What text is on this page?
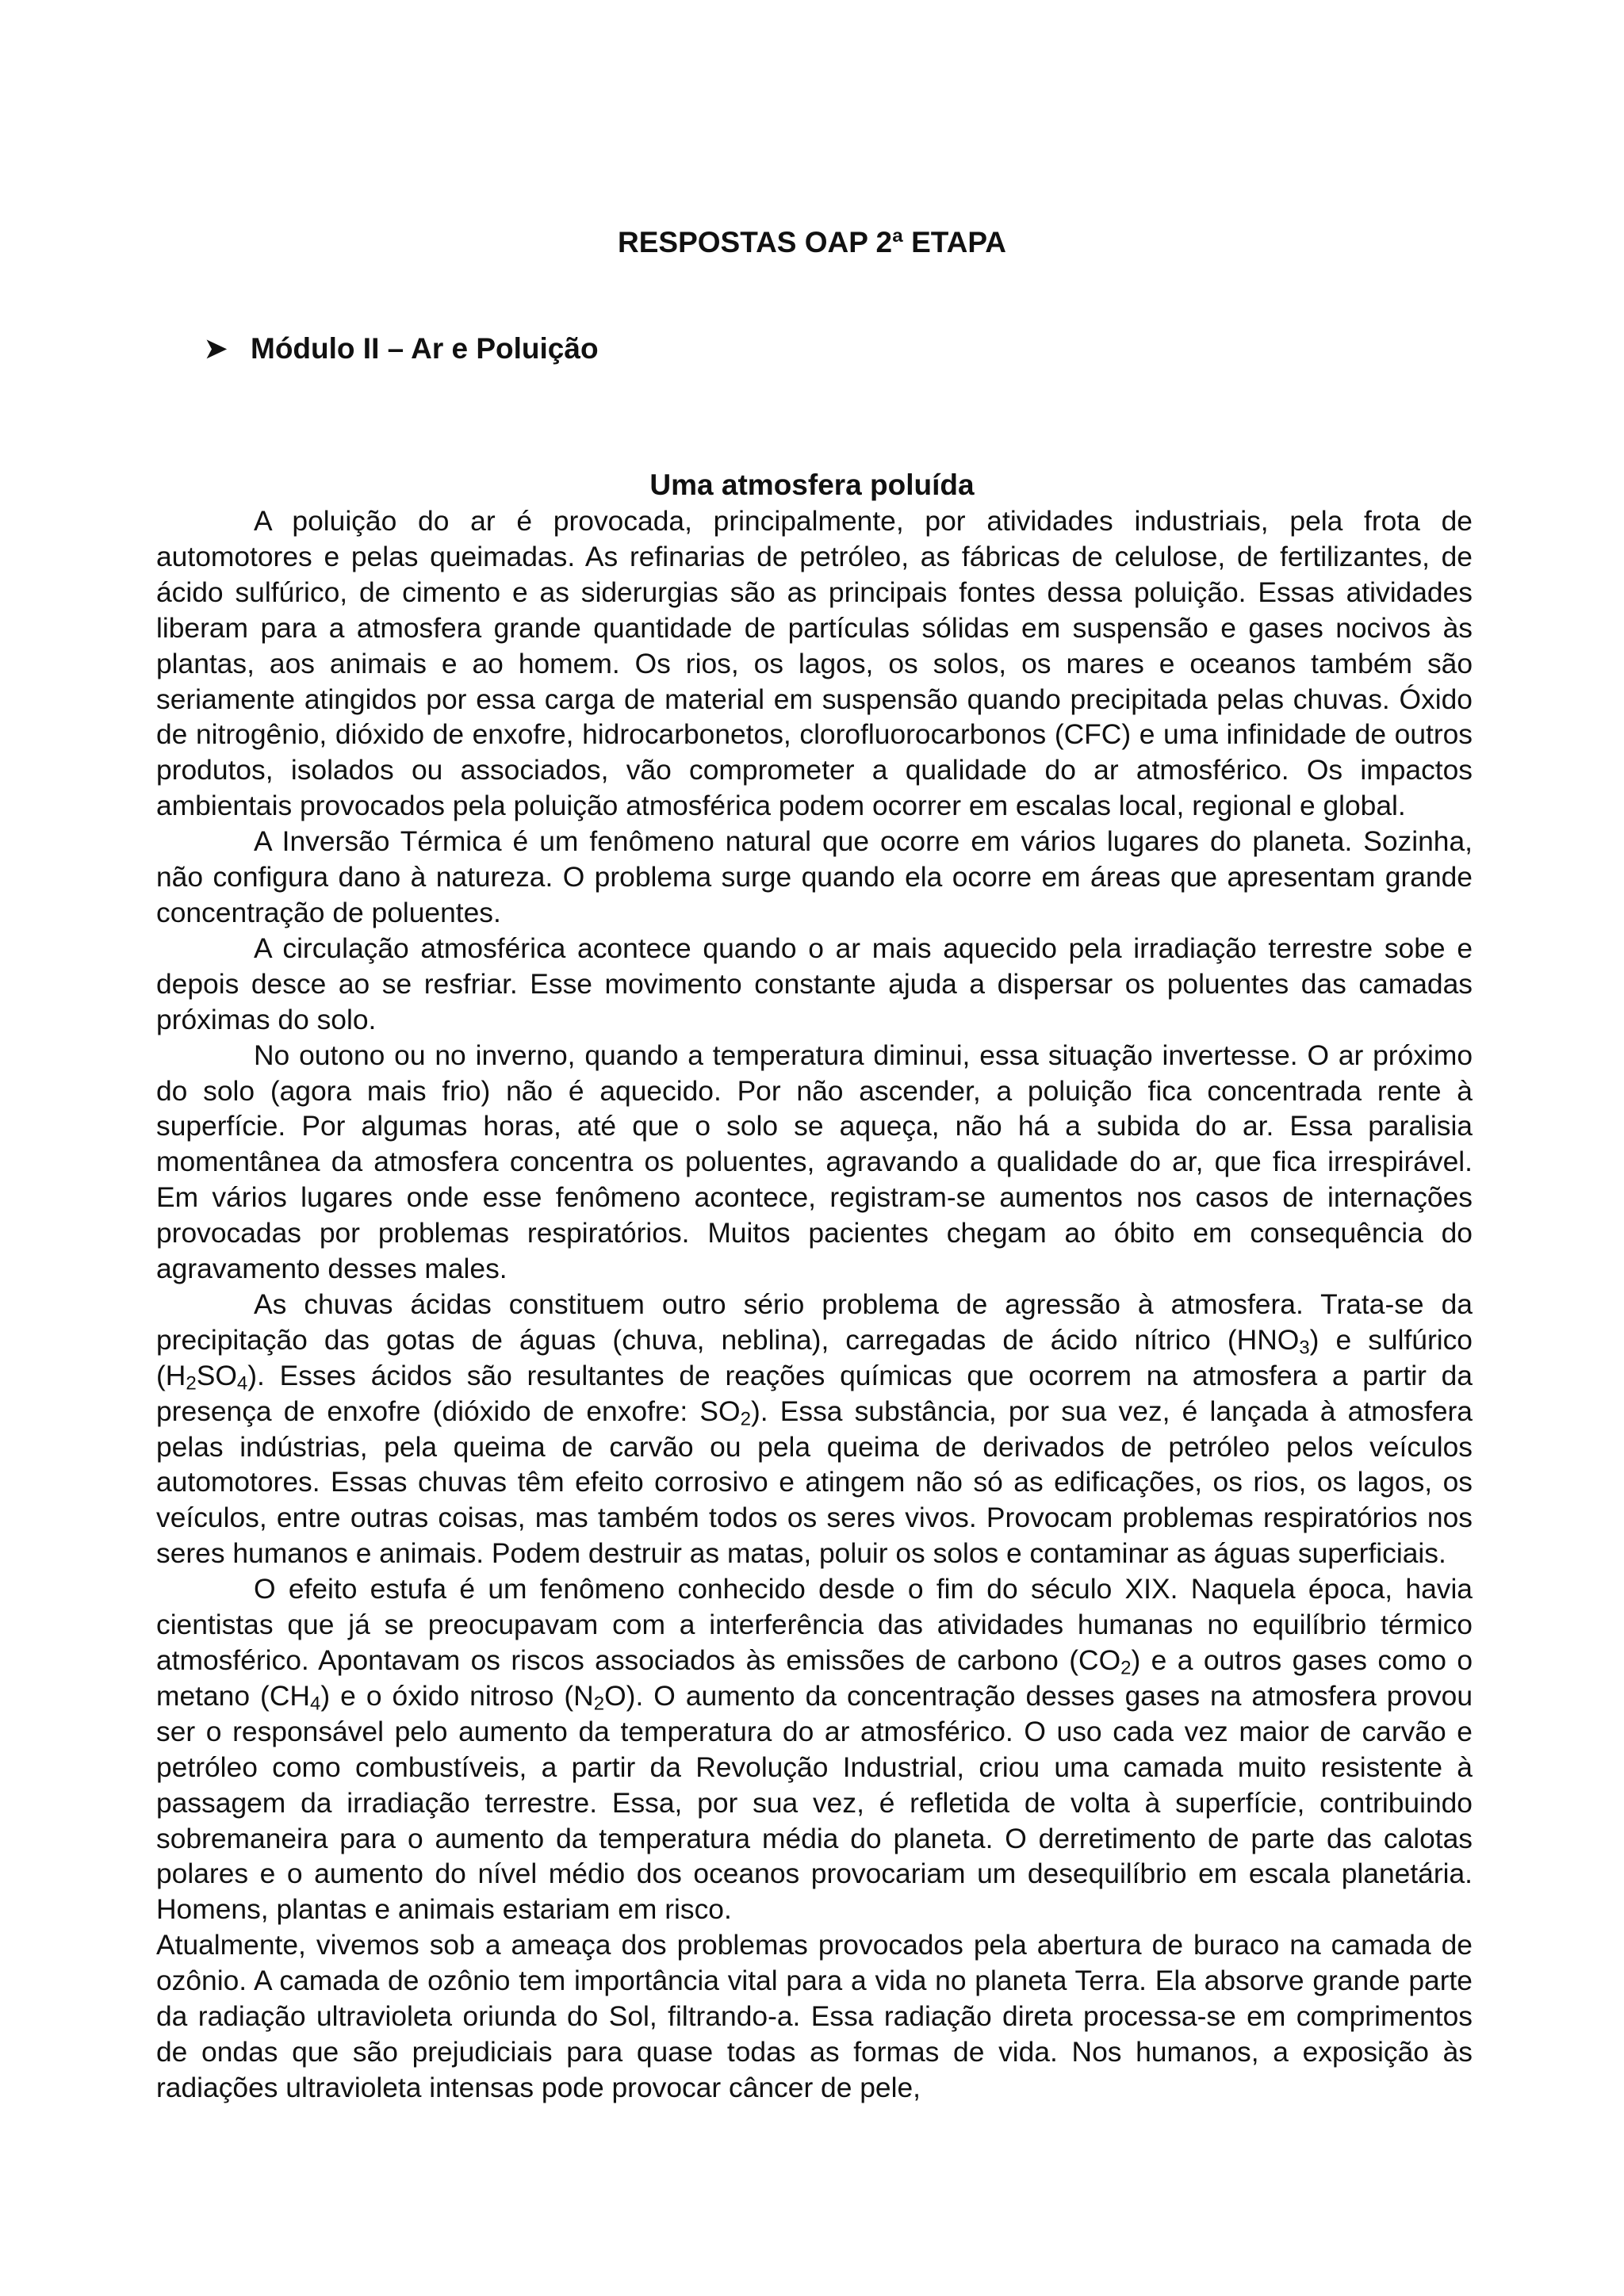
RESPOSTAS OAP 2ª ETAPA
➤ Módulo II – Ar e Poluição
Uma atmosfera poluída

A poluição do ar é provocada, principalmente, por atividades industriais, pela frota de automotores e pelas queimadas. As refinarias de petróleo, as fábricas de celulose, de fertilizantes, de ácido sulfúrico, de cimento e as siderurgias são as principais fontes dessa poluição. Essas atividades liberam para a atmosfera grande quantidade de partículas sólidas em suspensão e gases nocivos às plantas, aos animais e ao homem. Os rios, os lagos, os solos, os mares e oceanos também são seriamente atingidos por essa carga de material em suspensão quando precipitada pelas chuvas. Óxido de nitrogênio, dióxido de enxofre, hidrocarbonetos, clorofluorocarbonos (CFC) e uma infinidade de outros produtos, isolados ou associados, vão comprometer a qualidade do ar atmosférico. Os impactos ambientais provocados pela poluição atmosférica podem ocorrer em escalas local, regional e global.

A Inversão Térmica é um fenômeno natural que ocorre em vários lugares do planeta. Sozinha, não configura dano à natureza. O problema surge quando ela ocorre em áreas que apresentam grande concentração de poluentes.

A circulação atmosférica acontece quando o ar mais aquecido pela irradiação terrestre sobe e depois desce ao se resfriar. Esse movimento constante ajuda a dispersar os poluentes das camadas próximas do solo.

No outono ou no inverno, quando a temperatura diminui, essa situação invertesse. O ar próximo do solo (agora mais frio) não é aquecido. Por não ascender, a poluição fica concentrada rente à superfície. Por algumas horas, até que o solo se aqueça, não há a subida do ar. Essa paralisia momentânea da atmosfera concentra os poluentes, agravando a qualidade do ar, que fica irrespirável. Em vários lugares onde esse fenômeno acontece, registram-se aumentos nos casos de internações provocadas por problemas respiratórios. Muitos pacientes chegam ao óbito em consequência do agravamento desses males.

As chuvas ácidas constituem outro sério problema de agressão à atmosfera. Trata-se da precipitação das gotas de águas (chuva, neblina), carregadas de ácido nítrico $(HNO_3)$ e sulfúrico $(H_2SO_4)$. Esses ácidos são resultantes de reações químicas que ocorrem na atmosfera a partir da presença de enxofre (dióxido de enxofre: $SO_2$). Essa substância, por sua vez, é lançada à atmosfera pelas indústrias, pela queima de carvão ou pela queima de derivados de petróleo pelos veículos automotores. Essas chuvas têm efeito corrosivo e atingem não só as edificações, os rios, os lagos, os veículos, entre outras coisas, mas também todos os seres vivos. Provocam problemas respiratórios nos seres humanos e animais. Podem destruir as matas, poluir os solos e contaminar as águas superficiais.

O efeito estufa é um fenômeno conhecido desde o fim do século XIX. Naquela época, havia cientistas que já se preocupavam com a interferência das atividades humanas no equilíbrio térmico atmosférico. Apontavam os riscos associados às emissões de carbono $(CO_2)$ e a outros gases como o metano $(CH_4)$ e o óxido nitroso $(N_2O)$. O aumento da concentração desses gases na atmosfera provou ser o responsável pelo aumento da temperatura do ar atmosférico. O uso cada vez maior de carvão e petróleo como combustíveis, a partir da Revolução Industrial, criou uma camada muito resistente à passagem da irradiação terrestre. Essa, por sua vez, é refletida de volta à superfície, contribuindo sobremaneira para o aumento da temperatura média do planeta. O derretimento de parte das calotas polares e o aumento do nível médio dos oceanos provocariam um desequilíbrio em escala planetária. Homens, plantas e animais estariam em risco.

Atualmente, vivemos sob a ameaça dos problemas provocados pela abertura de buraco na camada de ozônio. A camada de ozônio tem importância vital para a vida no planeta Terra. Ela absorve grande parte da radiação ultravioleta oriunda do Sol, filtrando-a. Essa radiação direta processa-se em comprimentos de ondas que são prejudiciais para quase todas as formas de vida. Nos humanos, a exposição às radiações ultravioleta intensas pode provocar câncer de pele,
